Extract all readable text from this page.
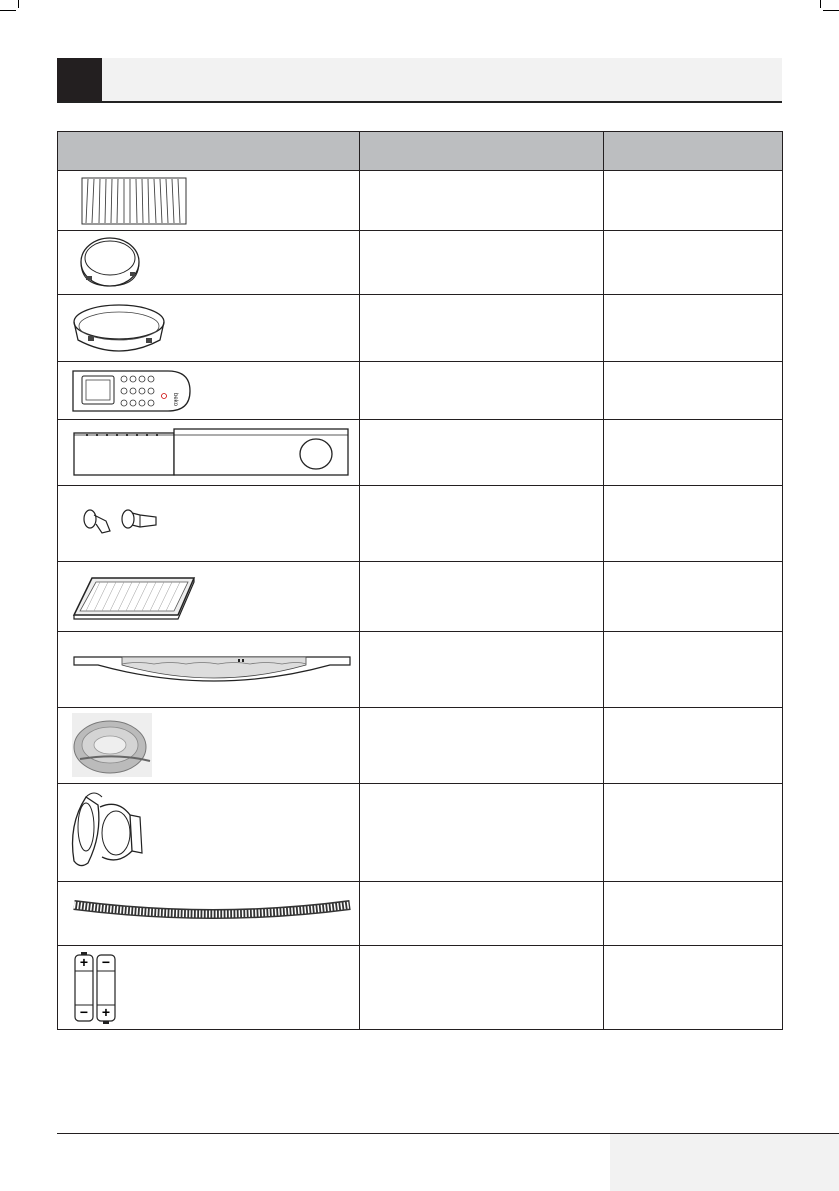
beko		

+
−
−
+		
